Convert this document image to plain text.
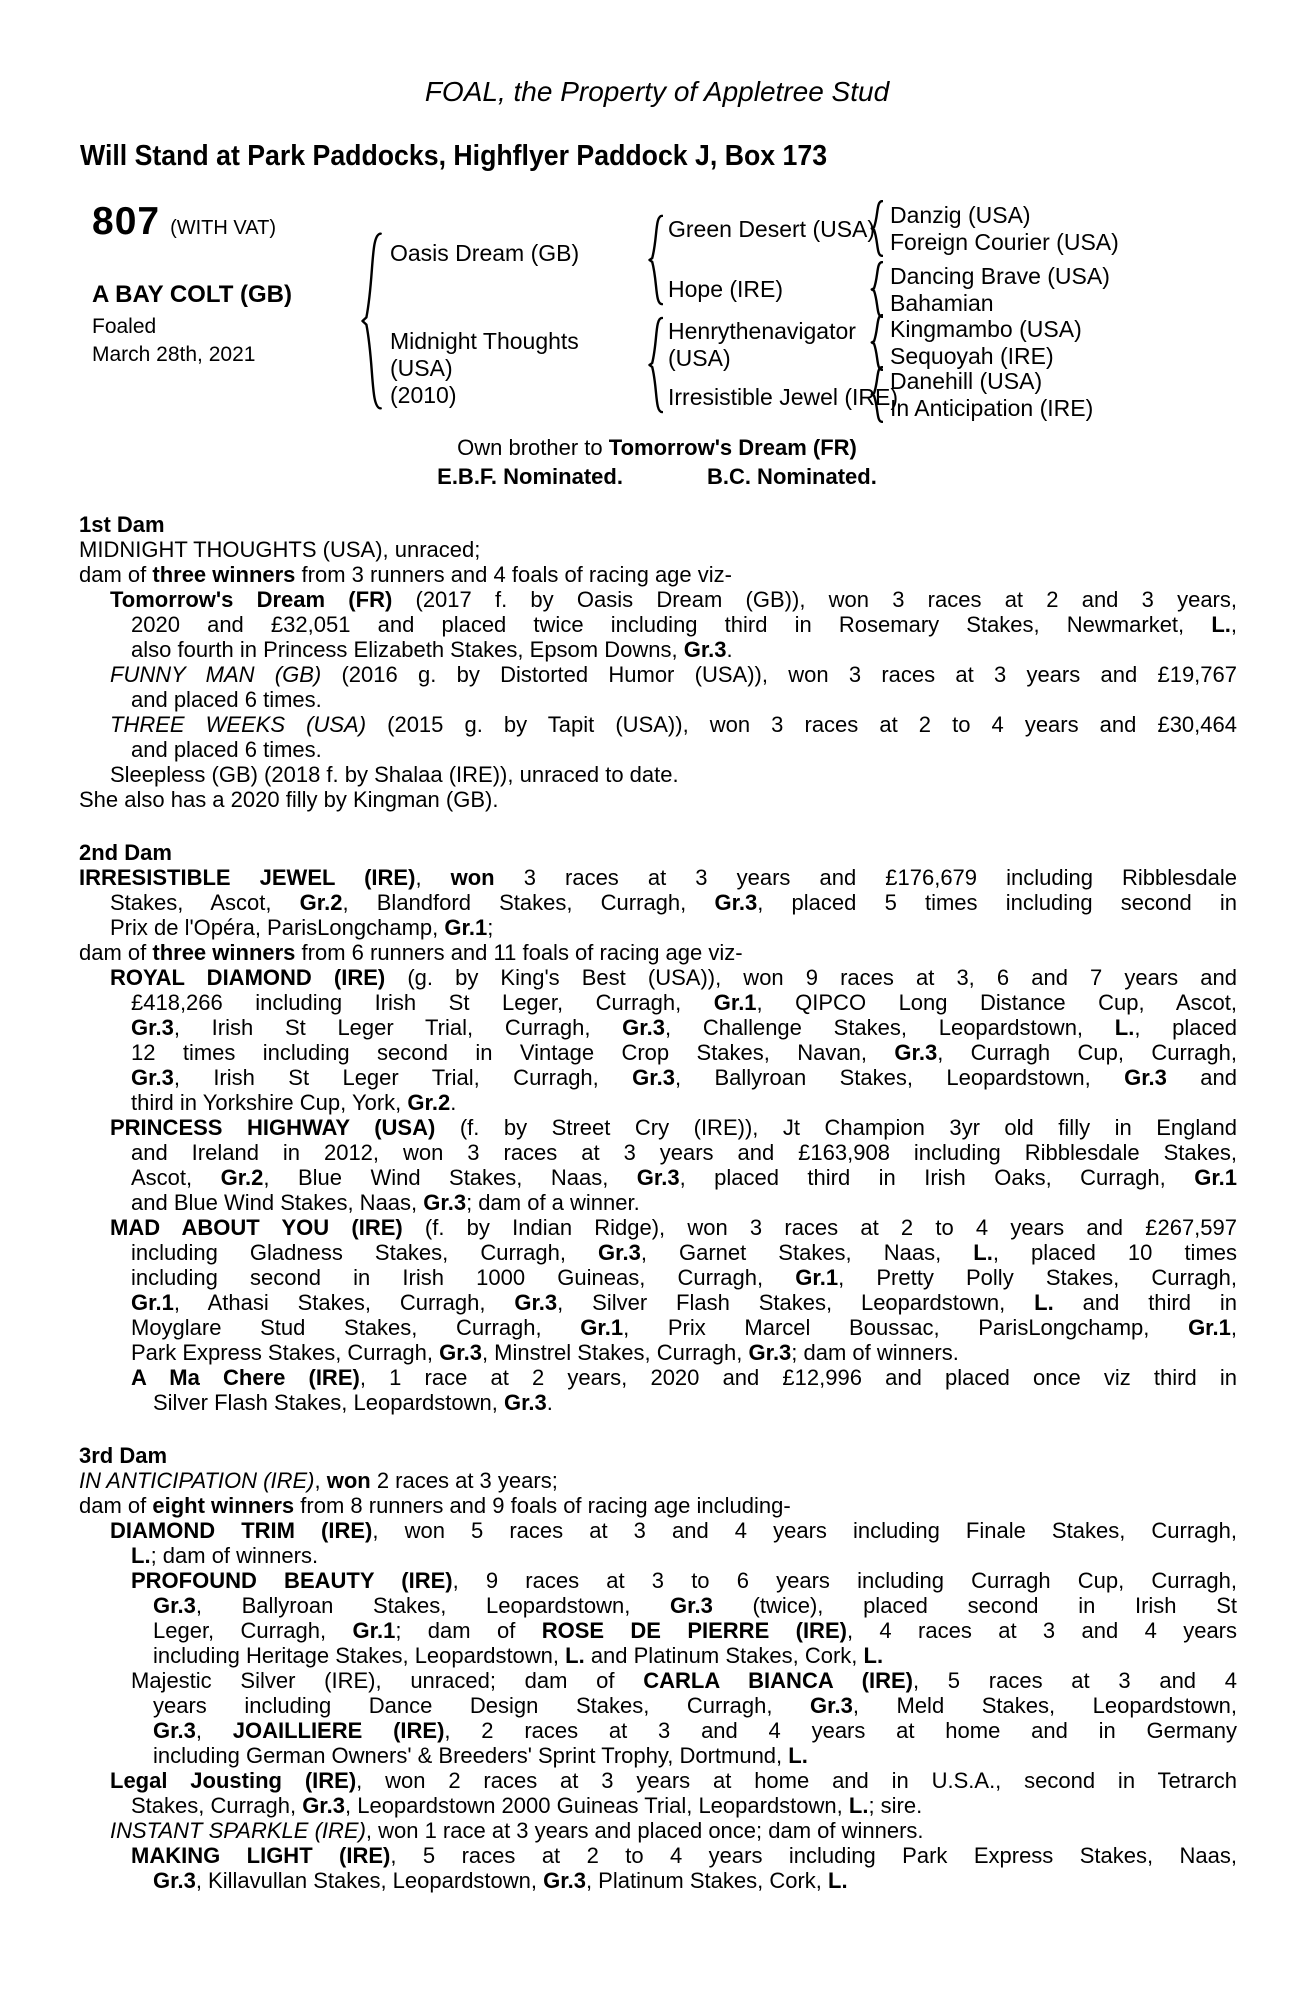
FOAL, the Property of Appletree Stud
Will Stand at Park Paddocks, Highflyer Paddock J, Box 173
807 (WITH VAT)
A BAY COLT (GB)
Foaled
March 28th, 2021
Oasis Dream (GB)
Midnight Thoughts
(USA)
(2010)
Green Desert (USA)
Hope (IRE)
Henrythenavigator
(USA)
Irresistible Jewel (IRE)
Danzig (USA)
Foreign Courier (USA)
Dancing Brave (USA)
Bahamian
Kingmambo (USA)
Sequoyah (IRE)
Danehill (USA)
In Anticipation (IRE)
Own brother to Tomorrow's Dream (FR)
E.B.F. Nominated.	B.C. Nominated.
1st Dam
MIDNIGHT THOUGHTS (USA), unraced;
dam of three winners from 3 runners and 4 foals of racing age viz-
Tomorrow's Dream (FR) (2017 f. by Oasis Dream (GB)), won 3 races at 2 and 3 years,
2020 and £32,051 and placed twice including third in Rosemary Stakes, Newmarket, L.,
also fourth in Princess Elizabeth Stakes, Epsom Downs, Gr.3.
FUNNY MAN (GB) (2016 g. by Distorted Humor (USA)), won 3 races at 3 years and £19,767
and placed 6 times.
THREE WEEKS (USA) (2015 g. by Tapit (USA)), won 3 races at 2 to 4 years and £30,464
and placed 6 times.
Sleepless (GB) (2018 f. by Shalaa (IRE)), unraced to date.
She also has a 2020 filly by Kingman (GB).
2nd Dam
IRRESISTIBLE JEWEL (IRE), won 3 races at 3 years and £176,679 including Ribblesdale
Stakes, Ascot, Gr.2, Blandford Stakes, Curragh, Gr.3, placed 5 times including second in
Prix de l'Opéra, ParisLongchamp, Gr.1;
dam of three winners from 6 runners and 11 foals of racing age viz-
ROYAL DIAMOND (IRE) (g. by King's Best (USA)), won 9 races at 3, 6 and 7 years and
£418,266 including Irish St Leger, Curragh, Gr.1, QIPCO Long Distance Cup, Ascot,
Gr.3, Irish St Leger Trial, Curragh, Gr.3, Challenge Stakes, Leopardstown, L., placed
12 times including second in Vintage Crop Stakes, Navan, Gr.3, Curragh Cup, Curragh,
Gr.3, Irish St Leger Trial, Curragh, Gr.3, Ballyroan Stakes, Leopardstown, Gr.3 and
third in Yorkshire Cup, York, Gr.2.
PRINCESS HIGHWAY (USA) (f. by Street Cry (IRE)), Jt Champion 3yr old filly in England
and Ireland in 2012, won 3 races at 3 years and £163,908 including Ribblesdale Stakes,
Ascot, Gr.2, Blue Wind Stakes, Naas, Gr.3, placed third in Irish Oaks, Curragh, Gr.1
and Blue Wind Stakes, Naas, Gr.3; dam of a winner.
MAD ABOUT YOU (IRE) (f. by Indian Ridge), won 3 races at 2 to 4 years and £267,597
including Gladness Stakes, Curragh, Gr.3, Garnet Stakes, Naas, L., placed 10 times
including second in Irish 1000 Guineas, Curragh, Gr.1, Pretty Polly Stakes, Curragh,
Gr.1, Athasi Stakes, Curragh, Gr.3, Silver Flash Stakes, Leopardstown, L. and third in
Moyglare Stud Stakes, Curragh, Gr.1, Prix Marcel Boussac, ParisLongchamp, Gr.1,
Park Express Stakes, Curragh, Gr.3, Minstrel Stakes, Curragh, Gr.3; dam of winners.
A Ma Chere (IRE), 1 race at 2 years, 2020 and £12,996 and placed once viz third in
Silver Flash Stakes, Leopardstown, Gr.3.
3rd Dam
IN ANTICIPATION (IRE), won 2 races at 3 years;
dam of eight winners from 8 runners and 9 foals of racing age including-
DIAMOND TRIM (IRE), won 5 races at 3 and 4 years including Finale Stakes, Curragh,
L.; dam of winners.
PROFOUND BEAUTY (IRE), 9 races at 3 to 6 years including Curragh Cup, Curragh,
Gr.3, Ballyroan Stakes, Leopardstown, Gr.3 (twice), placed second in Irish St
Leger, Curragh, Gr.1; dam of ROSE DE PIERRE (IRE), 4 races at 3 and 4 years
including Heritage Stakes, Leopardstown, L. and Platinum Stakes, Cork, L.
Majestic Silver (IRE), unraced; dam of CARLA BIANCA (IRE), 5 races at 3 and 4
years including Dance Design Stakes, Curragh, Gr.3, Meld Stakes, Leopardstown,
Gr.3, JOAILLIERE (IRE), 2 races at 3 and 4 years at home and in Germany
including German Owners' & Breeders' Sprint Trophy, Dortmund, L.
Legal Jousting (IRE), won 2 races at 3 years at home and in U.S.A., second in Tetrarch
Stakes, Curragh, Gr.3, Leopardstown 2000 Guineas Trial, Leopardstown, L.; sire.
INSTANT SPARKLE (IRE), won 1 race at 3 years and placed once; dam of winners.
MAKING LIGHT (IRE), 5 races at 2 to 4 years including Park Express Stakes, Naas,
Gr.3, Killavullan Stakes, Leopardstown, Gr.3, Platinum Stakes, Cork, L.
